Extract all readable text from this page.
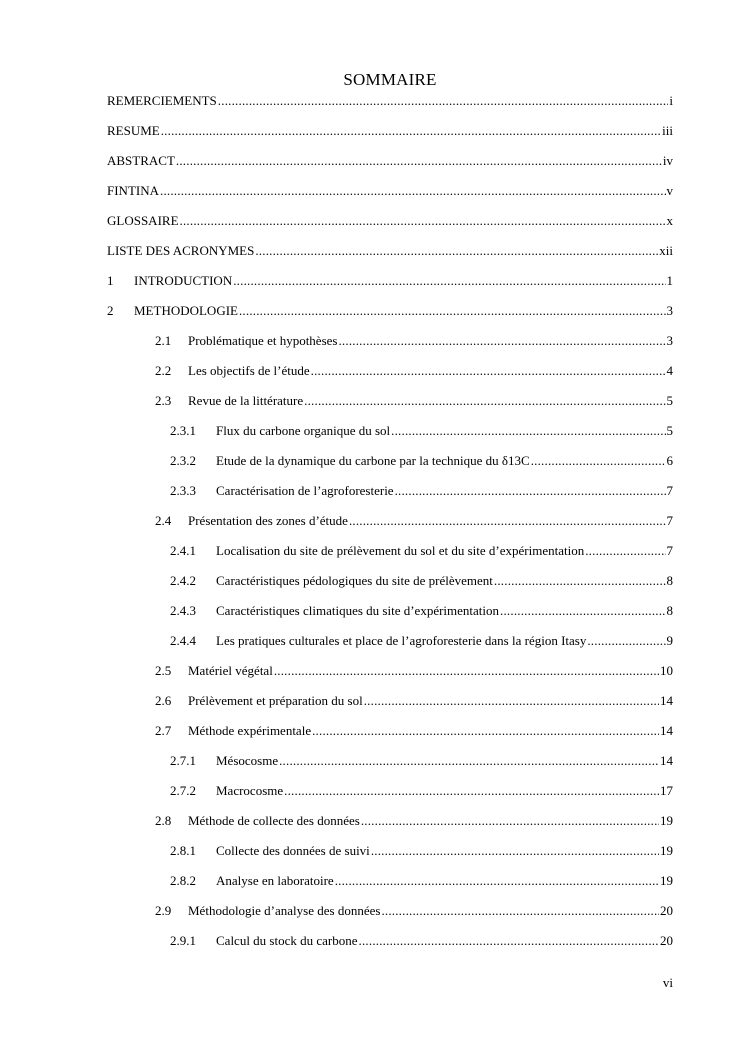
SOMMAIRE
REMERCIEMENTS .....	i
RESUME .....	iii
ABSTRACT .....	iv
FINTINA .....	v
GLOSSAIRE .....	x
LISTE DES ACRONYMES .....	xii
1	INTRODUCTION .....	1
2	METHODOLOGIE .....	3
2.1	Problématique et hypothèses .....	3
2.2	Les objectifs de l’étude .....	4
2.3	Revue de la littérature .....	5
2.3.1	Flux du carbone organique du sol .....	5
2.3.2	Etude de la dynamique du carbone par la technique du δ13C .....	6
2.3.3	Caractérisation de l’agroforesterie .....	7
2.4	Présentation des zones d’étude .....	7
2.4.1	Localisation du site de prélèvement du sol et du site d’expérimentation .....	7
2.4.2	Caractéristiques pédologiques du site de prélèvement .....	8
2.4.3	Caractéristiques climatiques du site d’expérimentation .....	8
2.4.4	Les pratiques culturales et place de l’agroforesterie dans la région Itasy .....	9
2.5	Matériel végétal .....	10
2.6	Prélèvement et préparation du sol .....	14
2.7	Méthode expérimentale .....	14
2.7.1	Mésocosme .....	14
2.7.2	Macrocosme .....	17
2.8	Méthode de collecte des données .....	19
2.8.1	Collecte des données de suivi .....	19
2.8.2	Analyse en laboratoire .....	19
2.9	Méthodologie d’analyse des données .....	20
2.9.1	Calcul du stock du carbone .....	20
vi
